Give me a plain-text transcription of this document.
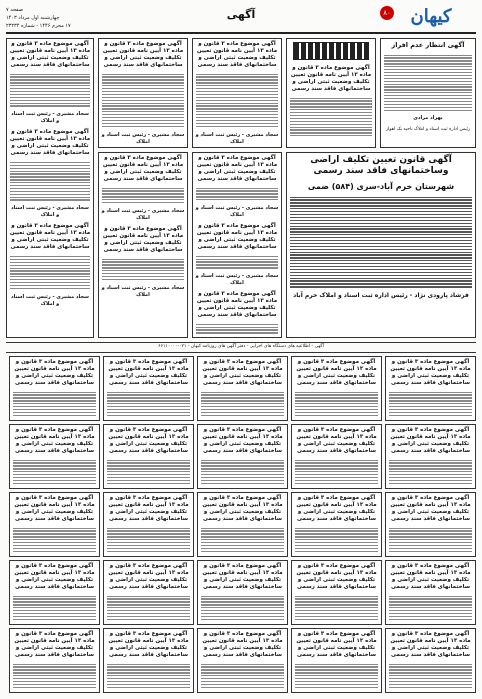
کیهان
۸۰
آگهی
صفحه ۷
چهارشنبه اول مرداد ۱۴۰۳
۱۷ محرم ۱۴۴۶ - شماره ۲۳۲۳۴
آگهی انتظار عدم افراز
بهزاد مرادی
رئیس اداره ثبت اسناد و املاک ناحیه یک اهواز
آگهی موضوع ماده ۳ قانون و ماده ۱۳ آیین نامه قانون تعیین تکلیف وضعیت ثبتی اراضی و ساختمانهای فاقد سند رسمی
آگهی موضوع ماده ۳ قانون و ماده ۱۳ آیین نامه قانون تعیین تکلیف وضعیت ثبتی اراضی و ساختمانهای فاقد سند رسمی
سجاد مشیری - رئیس ثبت اسناد و املاک
آگهی موضوع ماده ۳ قانون و ماده ۱۳ آیین نامه قانون تعیین تکلیف وضعیت ثبتی اراضی و ساختمانهای فاقد سند رسمی
سجاد مشیری - رئیس ثبت اسناد و املاک
آگهی موضوع ماده ۳ قانون و ماده ۱۳ آیین نامه قانون تعیین تکلیف وضعیت ثبتی اراضی و ساختمانهای فاقد سند رسمی
سجاد مشیری - رئیس ثبت اسناد و املاک
آگهی موضوع ماده ۳ قانون و ماده ۱۳ آیین نامه قانون تعیین تکلیف وضعیت ثبتی اراضی و ساختمانهای فاقد سند رسمی
سجاد مشیری - رئیس ثبت اسناد و املاک
آگهی موضوع ماده ۳ قانون و ماده ۱۳ آیین نامه قانون تعیین تکلیف وضعیت ثبتی اراضی و ساختمانهای فاقد سند رسمی
سجاد مشیری - رئیس ثبت اسناد و املاک
آگهی قانون تعیین تکلیف اراضی وساختمانهای فاقد سند رسمی
شهرستان خرم آباد-سری (۵۸۴) ضمی
فرشاد پارودی نژاد - رئیس اداره ثبت اسناد و املاک خرم آباد
آگهی موضوع ماده ۳ قانون و ماده ۱۳ آیین نامه قانون تعیین تکلیف وضعیت ثبتی اراضی و ساختمانهای فاقد سند رسمی
سجاد مشیری - رئیس ثبت اسناد و املاک
آگهی موضوع ماده ۳ قانون و ماده ۱۳ آیین نامه قانون تعیین تکلیف وضعیت ثبتی اراضی و ساختمانهای فاقد سند رسمی
سجاد مشیری - رئیس ثبت اسناد و املاک
آگهی موضوع ماده ۳ قانون و ماده ۱۳ آیین نامه قانون تعیین تکلیف وضعیت ثبتی اراضی و ساختمانهای فاقد سند رسمی
آگهی موضوع ماده ۳ قانون و ماده ۱۳ آیین نامه قانون تعیین تکلیف وضعیت ثبتی اراضی و ساختمانهای فاقد سند رسمی
سجاد مشیری - رئیس ثبت اسناد و املاک
آگهی موضوع ماده ۳ قانون و ماده ۱۳ آیین نامه قانون تعیین تکلیف وضعیت ثبتی اراضی و ساختمانهای فاقد سند رسمی
سجاد مشیری - رئیس ثبت اسناد و املاک
آگهی - اطلاعیه های دستگاه های اجرایی - دفتر آگهی های روزنامه کیهان - ۰۲۱-۶۶۱۱۰۰۰۰
آگهی موضوع ماده ۳ قانون و ماده ۱۳ آیین نامه قانون تعیین تکلیف وضعیت ثبتی اراضی و ساختمانهای فاقد سند رسمی
آگهی موضوع ماده ۳ قانون و ماده ۱۳ آیین نامه قانون تعیین تکلیف وضعیت ثبتی اراضی و ساختمانهای فاقد سند رسمی
آگهی موضوع ماده ۳ قانون و ماده ۱۳ آیین نامه قانون تعیین تکلیف وضعیت ثبتی اراضی و ساختمانهای فاقد سند رسمی
آگهی موضوع ماده ۳ قانون و ماده ۱۳ آیین نامه قانون تعیین تکلیف وضعیت ثبتی اراضی و ساختمانهای فاقد سند رسمی
آگهی موضوع ماده ۳ قانون و ماده ۱۳ آیین نامه قانون تعیین تکلیف وضعیت ثبتی اراضی و ساختمانهای فاقد سند رسمی
آگهی موضوع ماده ۳ قانون و ماده ۱۳ آیین نامه قانون تعیین تکلیف وضعیت ثبتی اراضی و ساختمانهای فاقد سند رسمی
آگهی موضوع ماده ۳ قانون و ماده ۱۳ آیین نامه قانون تعیین تکلیف وضعیت ثبتی اراضی و ساختمانهای فاقد سند رسمی
آگهی موضوع ماده ۳ قانون و ماده ۱۳ آیین نامه قانون تعیین تکلیف وضعیت ثبتی اراضی و ساختمانهای فاقد سند رسمی
آگهی موضوع ماده ۳ قانون و ماده ۱۳ آیین نامه قانون تعیین تکلیف وضعیت ثبتی اراضی و ساختمانهای فاقد سند رسمی
آگهی موضوع ماده ۳ قانون و ماده ۱۳ آیین نامه قانون تعیین تکلیف وضعیت ثبتی اراضی و ساختمانهای فاقد سند رسمی
آگهی موضوع ماده ۳ قانون و ماده ۱۳ آیین نامه قانون تعیین تکلیف وضعیت ثبتی اراضی و ساختمانهای فاقد سند رسمی
آگهی موضوع ماده ۳ قانون و ماده ۱۳ آیین نامه قانون تعیین تکلیف وضعیت ثبتی اراضی و ساختمانهای فاقد سند رسمی
آگهی موضوع ماده ۳ قانون و ماده ۱۳ آیین نامه قانون تعیین تکلیف وضعیت ثبتی اراضی و ساختمانهای فاقد سند رسمی
آگهی موضوع ماده ۳ قانون و ماده ۱۳ آیین نامه قانون تعیین تکلیف وضعیت ثبتی اراضی و ساختمانهای فاقد سند رسمی
آگهی موضوع ماده ۳ قانون و ماده ۱۳ آیین نامه قانون تعیین تکلیف وضعیت ثبتی اراضی و ساختمانهای فاقد سند رسمی
آگهی موضوع ماده ۳ قانون و ماده ۱۳ آیین نامه قانون تعیین تکلیف وضعیت ثبتی اراضی و ساختمانهای فاقد سند رسمی
آگهی موضوع ماده ۳ قانون و ماده ۱۳ آیین نامه قانون تعیین تکلیف وضعیت ثبتی اراضی و ساختمانهای فاقد سند رسمی
آگهی موضوع ماده ۳ قانون و ماده ۱۳ آیین نامه قانون تعیین تکلیف وضعیت ثبتی اراضی و ساختمانهای فاقد سند رسمی
آگهی موضوع ماده ۳ قانون و ماده ۱۳ آیین نامه قانون تعیین تکلیف وضعیت ثبتی اراضی و ساختمانهای فاقد سند رسمی
آگهی موضوع ماده ۳ قانون و ماده ۱۳ آیین نامه قانون تعیین تکلیف وضعیت ثبتی اراضی و ساختمانهای فاقد سند رسمی
آگهی موضوع ماده ۳ قانون و ماده ۱۳ آیین نامه قانون تعیین تکلیف وضعیت ثبتی اراضی و ساختمانهای فاقد سند رسمی
آگهی موضوع ماده ۳ قانون و ماده ۱۳ آیین نامه قانون تعیین تکلیف وضعیت ثبتی اراضی و ساختمانهای فاقد سند رسمی
آگهی موضوع ماده ۳ قانون و ماده ۱۳ آیین نامه قانون تعیین تکلیف وضعیت ثبتی اراضی و ساختمانهای فاقد سند رسمی
آگهی موضوع ماده ۳ قانون و ماده ۱۳ آیین نامه قانون تعیین تکلیف وضعیت ثبتی اراضی و ساختمانهای فاقد سند رسمی
آگهی موضوع ماده ۳ قانون و ماده ۱۳ آیین نامه قانون تعیین تکلیف وضعیت ثبتی اراضی و ساختمانهای فاقد سند رسمی
